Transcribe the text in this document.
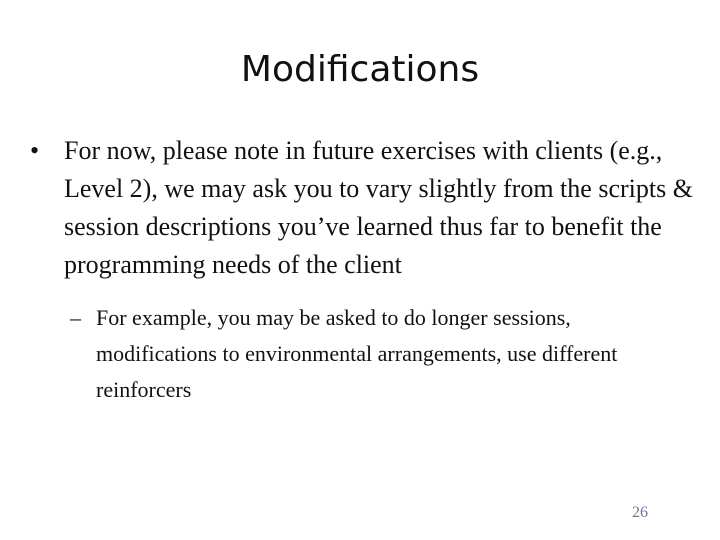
Modifications
• For now, please note in future exercises with clients (e.g., Level 2), we may ask you to vary slightly from the scripts & session descriptions you’ve learned thus far to benefit the programming needs of the client
– For example, you may be asked to do longer sessions, modifications to environmental arrangements, use different reinforcers
26
